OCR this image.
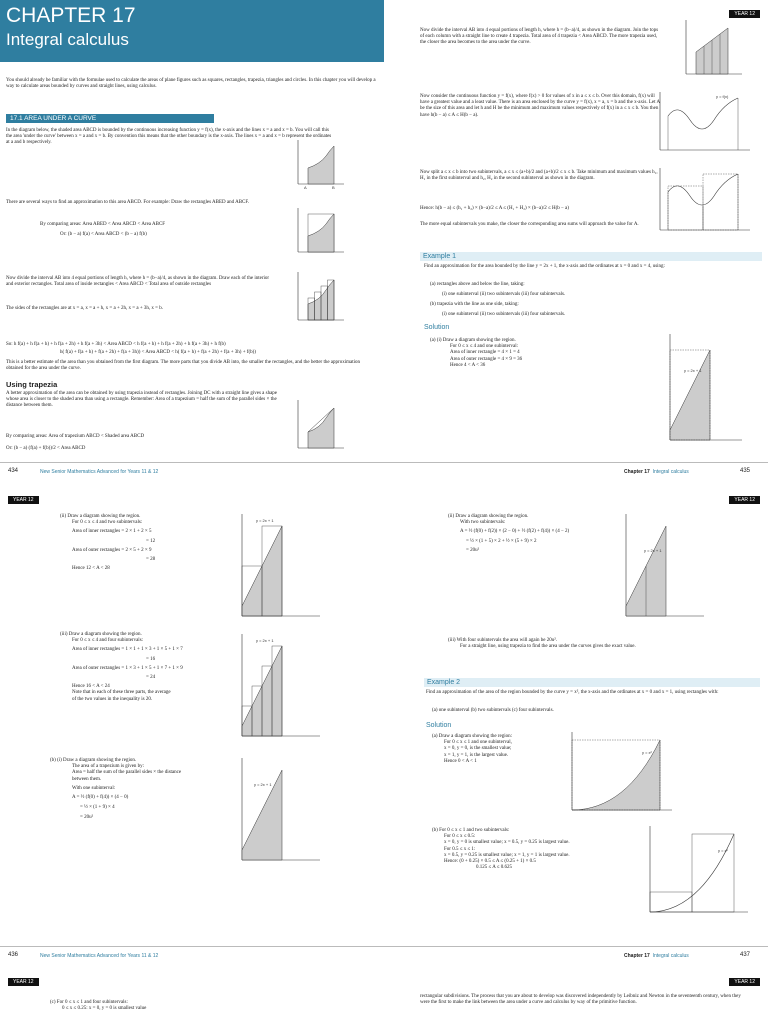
CHAPTER 17
Integral calculus
You should already be familiar with the formulae used to calculate the areas of plane figures such as squares, rectangles, trapezia, triangles and circles. In this chapter you will develop a way to calculate areas bounded by curves and straight lines, using calculus.
17.1 AREA UNDER A CURVE
In the diagram below, the shaded area ABCD is bounded by the continuous increasing function y = f(x), the x-axis and the lines x = a and x = b. You will call this the area 'under the curve' between x = a and x = b. By convention this means that the other boundary is the x-axis. The lines x = a and x = b represent the ordinates at a and b respectively.
A	B
There are several ways to find an approximation to this area ABCD. For example: Draw the rectangles ABED and ABCF.
By comparing areas: Area ABED < Area ABCD < Area ABCF
Or: (b − a) f(a) < Area ABCD < (b − a) f(b)
Now divide the interval AB into 4 equal portions of length h, where h = (b−a)/4, as shown in the diagram. Draw each of the interior and exterior rectangles. Total area of inside rectangles < Area ABCD < Total area of outside rectangles
The sides of the rectangles are at x = a, x = a + h, x = a + 2h, x = a + 3h, x = b.
So: h f(a) + h f(a + h) + h f(a + 2h) + h f(a + 3h) < Area ABCD < h f(a + h) + h f(a + 2h) + h f(a + 3h) + h f(b)
h( f(a) + f(a + h) + f(a + 2h) + f(a + 3h)) < Area ABCD < h( f(a + h) + f(a + 2h) + f(a + 3h) + f(b))
This is a better estimate of the area than you obtained from the first diagram. The more parts that you divide AB into, the smaller the rectangles, and the better the approximation obtained for the area under the curve.
Using trapezia
A better approximation of the area can be obtained by using trapezia instead of rectangles. Joining DC with a straight line gives a shape whose area is closer to the shaded area than using a rectangle. Remember: Area of a trapezium = half the sum of the parallel sides × the distance between them.
By comparing areas: Area of trapezium ABCD < Shaded area ABCD
Or: (b − a) (f(a) + f(b))/2 < Area ABCD
434	New Senior Mathematics Advanced for Years 11 & 12
YEAR 12
Now divide the interval AB into 4 equal portions of length h, where h = (b−a)/4, as shown in the diagram. Join the tops of each column with a straight line to create 4 trapezia. Total area of 4 trapezia < Area ABCD. The more trapezia used, the closer the area becomes to the area under the curve.
Now consider the continuous function y = f(x), where f(x) > 0 for values of x in a ≤ x ≤ b. Over this domain, f(x) will have a greatest value and a least value. There is an area enclosed by the curve y = f(x), x = a, x = b and the x-axis. Let A be the size of this area and let h and H be the minimum and maximum values respectively of f(x) in a ≤ x ≤ b. You then have h(b − a) ≤ A ≤ H(b − a).
y = f(x)
Now split a ≤ x ≤ b into two subintervals, a ≤ x ≤ (a+b)/2 and (a+b)/2 ≤ x ≤ b. Take minimum and maximum values h₁, H₁ in the first subinterval and h₂, H₂ in the second subinterval as shown in the diagram.
Hence: h(b − a) ≤ (h₁ + h₂) × (b−a)/2 ≤ A ≤ (H₁ + H₂) × (b−a)/2 ≤ H(b − a)
The more equal subintervals you make, the closer the corresponding area sums will approach the value for A.
Example 1
Find an approximation for the area bounded by the line y = 2x + 1, the x-axis and the ordinates at x = 0 and x = 4, using:
(a) rectangles above and below the line, taking:
(i) one subinterval (ii) two subintervals (iii) four subintervals.
(b) trapezia with the line as one side, taking:
(i) one subinterval (ii) two subintervals (iii) four subintervals.
Solution
(a) (i) Draw a diagram showing the region.
For 0 ≤ x ≤ 4 and one subinterval:
Area of inner rectangle = 4 × 1 = 4
Area of outer rectangle = 4 × 9 = 36
Hence 4 < A < 36
y = 2x + 1
Chapter 17 Integral calculus	435
YEAR 12
(ii) Draw a diagram showing the region.
For 0 ≤ x ≤ 4 and two subintervals:
Area of inner rectangles = 2 × 1 + 2 × 5
= 12
Area of outer rectangles = 2 × 5 + 2 × 9
= 28
Hence 12 < A < 28
y = 2x + 1
(iii) Draw a diagram showing the region.
For 0 ≤ x ≤ 4 and four subintervals:
Area of inner rectangles = 1 × 1 + 1 × 3 + 1 × 5 + 1 × 7
= 16
Area of outer rectangles = 1 × 3 + 1 × 5 + 1 × 7 + 1 × 9
= 24
Hence 16 < A < 24
Note that in each of these three parts, the average
of the two values in the inequality is 20.
y = 2x + 1
(b) (i) Draw a diagram showing the region.
The area of a trapezium is given by:
Area = half the sum of the parallel sides × the distance
between them.
With one subinterval:
A = ½ (f(0) + f(4)) × (4 − 0)
= ½ × (1 + 9) × 4
= 20u²
y = 2x + 1
436	New Senior Mathematics Advanced for Years 11 & 12
YEAR 12
(ii) Draw a diagram showing the region.
With two subintervals:
A = ½ (f(0) + f(2)) × (2 − 0) + ½ (f(2) + f(4)) × (4 − 2)
= ½ × (1 + 5) × 2 + ½ × (5 + 9) × 2
= 20u²	y = 2x + 1
(iii) With four subintervals the area will again be 20u².
For a straight line, using trapezia to find the area under the curves gives the exact value.
Example 2
Find an approximation of the area of the region bounded by the curve y = x², the x-axis and the ordinates at x = 0 and x = 1, using rectangles with:
(a) one subinterval (b) two subintervals (c) four subintervals.
Solution
(a) Draw a diagram showing the region:
For 0 ≤ x ≤ 1 and one subinterval,
x = 0, y = 0, is the smallest value;
x = 1, y = 1, is the largest value.
Hence 0 < A < 1
y = x²
(b) For 0 ≤ x ≤ 1 and two subintervals:
For 0 ≤ x ≤ 0.5:
x = 0, y = 0 is smallest value; x = 0.5, y = 0.25 is largest value.
For 0.5 ≤ x ≤ 1:
x = 0.5, y = 0.25 is smallest value; x = 1, y = 1 is largest value.
Hence: (0 + 0.25) × 0.5 ≤ A ≤ (0.25 + 1) × 0.5
0.125 ≤ A ≤ 0.625
y = x²
Chapter 17 Integral calculus	437
YEAR 12	YEAR 12
(c) For 0 ≤ x ≤ 1 and four subintervals:
0 ≤ x ≤ 0.25: x = 0, y = 0 is smallest value
rectangular subdivisions. The process that you are about to develop was discovered independently by Leibniz and Newton in the seventeenth century, when they were the first to make the link between the area under a curve and calculus by way of the primitive function.
